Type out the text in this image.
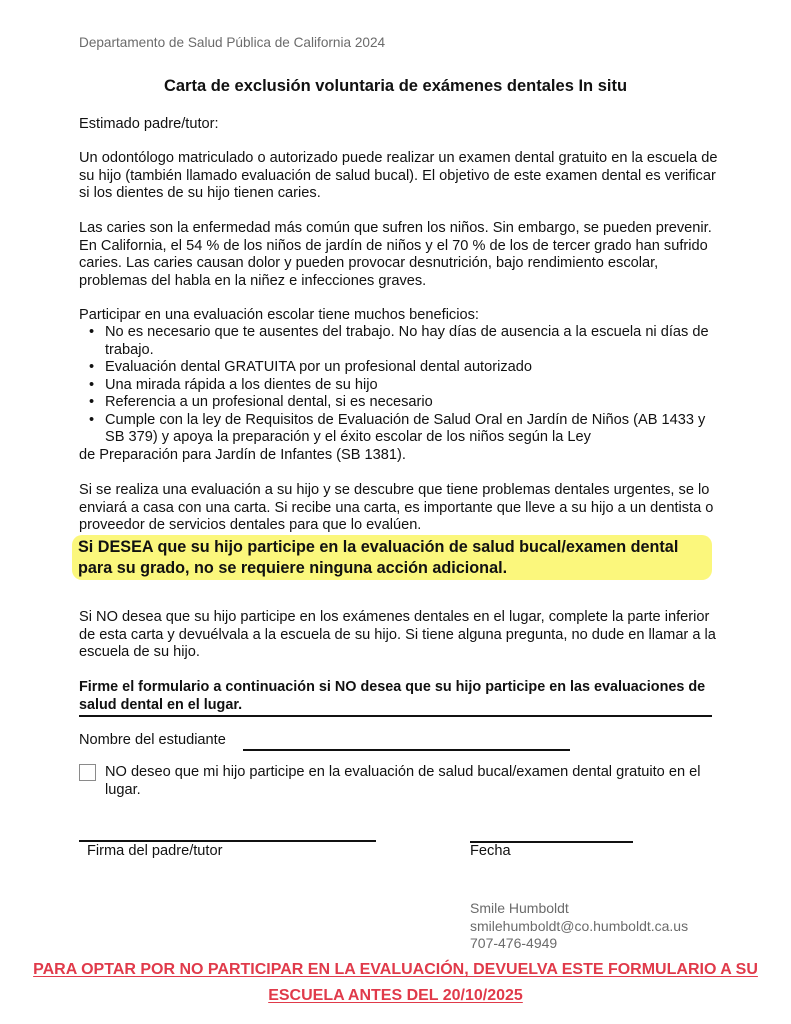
Departamento de Salud Pública de California 2024
Carta de exclusión voluntaria de exámenes dentales In situ

Estimado padre/tutor:

Un odontólogo matriculado o autorizado puede realizar un examen dental gratuito en la escuela de su hijo (también llamado evaluación de salud bucal). El objetivo de este examen dental es verificar si los dientes de su hijo tienen caries.

Las caries son la enfermedad más común que sufren los niños. Sin embargo, se pueden prevenir. En California, el 54 % de los niños de jardín de niños y el 70 % de los de tercer grado han sufrido caries. Las caries causan dolor y pueden provocar desnutrición, bajo rendimiento escolar, problemas del habla en la niñez e infecciones graves.

Participar en una evaluación escolar tiene muchos beneficios:

• No es necesario que te ausentes del trabajo. No hay días de ausencia a la escuela ni días de trabajo.
• Evaluación dental GRATUITA por un profesional dental autorizado
• Una mirada rápida a los dientes de su hijo
• Referencia a un profesional dental, si es necesario
• Cumple con la ley de Requisitos de Evaluación de Salud Oral en Jardín de Niños (AB 1433 y SB 379) y apoya la preparación y el éxito escolar de los niños según la Ley

de Preparación para Jardín de Infantes (SB 1381).

Si se realiza una evaluación a su hijo y se descubre que tiene problemas dentales urgentes, se lo enviará a casa con una carta. Si recibe una carta, es importante que lleve a su hijo a un dentista o proveedor de servicios dentales para que lo evalúen.

Si DESEA que su hijo participe en la evaluación de salud bucal/examen dental para su grado, no se requiere ninguna acción adicional.

Si NO desea que su hijo participe en los exámenes dentales en el lugar, complete la parte inferior de esta carta y devuélvala a la escuela de su hijo. Si tiene alguna pregunta, no dude en llamar a la escuela de su hijo.

Firme el formulario a continuación si NO desea que su hijo participe en las evaluaciones de salud dental en el lugar.

Nombre del estudiante
NO deseo que mi hijo participe en la evaluación de salud bucal/examen dental gratuito en el lugar.
Firma del padre/tutor	Fecha
Smile Humboldt
smilehumboldt@co.humboldt.ca.us
707-476-4949
PARA OPTAR POR NO PARTICIPAR EN LA EVALUACIÓN, DEVUELVA ESTE FORMULARIO A SU
ESCUELA ANTES DEL 20/10/2025
